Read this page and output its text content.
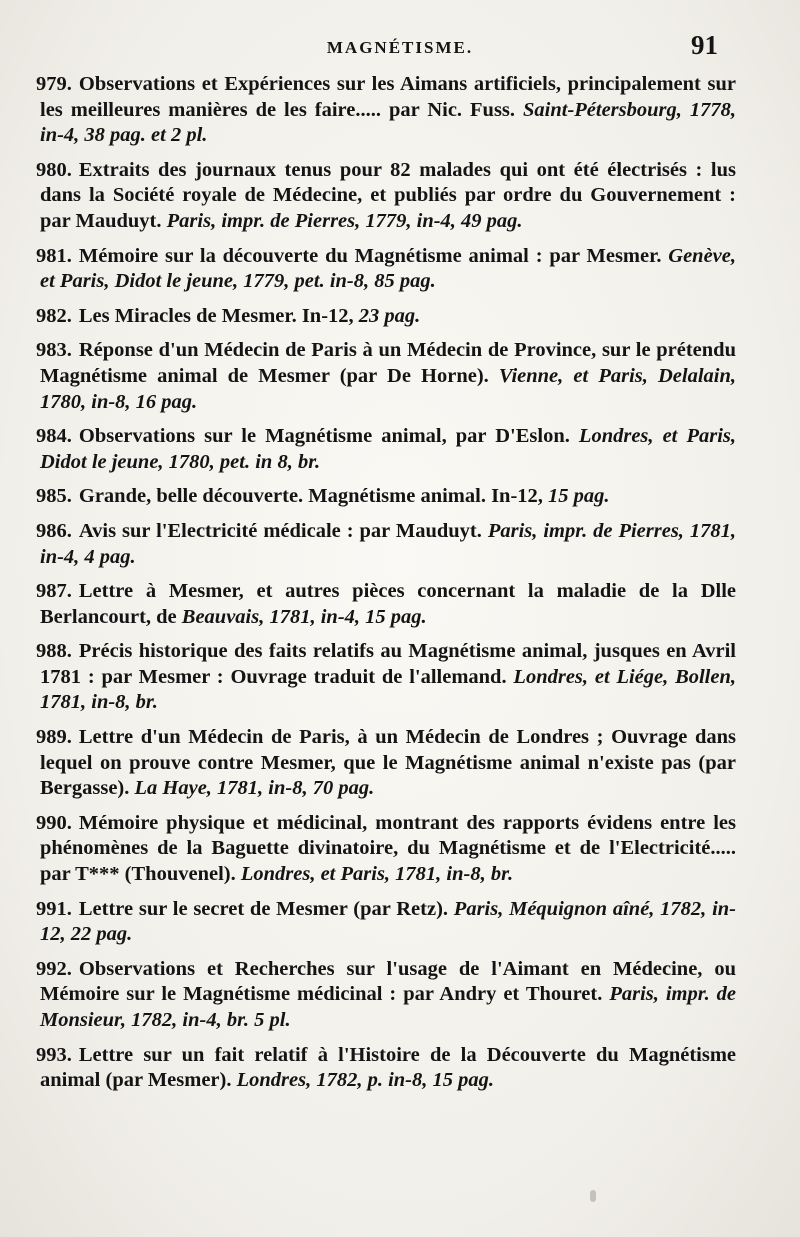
MAGNÉTISME.	91

979. Observations et Expériences sur les Aimans artificiels, principalement sur les meilleures manières de les faire..... par Nic. Fuss. Saint-Pétersbourg, 1778, in-4, 38 pag. et 2 pl.

980. Extraits des journaux tenus pour 82 malades qui ont été électrisés : lus dans la Société royale de Médecine, et publiés par ordre du Gouvernement : par Mauduyt. Paris, impr. de Pierres, 1779, in-4, 49 pag.

981. Mémoire sur la découverte du Magnétisme animal : par Mesmer. Genève, et Paris, Didot le jeune, 1779, pet. in-8, 85 pag.

982. Les Miracles de Mesmer. In-12, 23 pag.

983. Réponse d'un Médecin de Paris à un Médecin de Province, sur le prétendu Magnétisme animal de Mesmer (par De Horne). Vienne, et Paris, Delalain, 1780, in-8, 16 pag.

984. Observations sur le Magnétisme animal, par D'Eslon. Londres, et Paris, Didot le jeune, 1780, pet. in 8, br.

985. Grande, belle découverte. Magnétisme animal. In-12, 15 pag.

986. Avis sur l'Electricité médicale : par Mauduyt. Paris, impr. de Pierres, 1781, in-4, 4 pag.

987. Lettre à Mesmer, et autres pièces concernant la maladie de la Dlle Berlancourt, de Beauvais, 1781, in-4, 15 pag.

988. Précis historique des faits relatifs au Magnétisme animal, jusques en Avril 1781 : par Mesmer : Ouvrage traduit de l'allemand. Londres, et Liége, Bollen, 1781, in-8, br.

989. Lettre d'un Médecin de Paris, à un Médecin de Londres ; Ouvrage dans lequel on prouve contre Mesmer, que le Magnétisme animal n'existe pas (par Bergasse). La Haye, 1781, in-8, 70 pag.

990. Mémoire physique et médicinal, montrant des rapports évidens entre les phénomènes de la Baguette divinatoire, du Magnétisme et de l'Electricité..... par T*** (Thouvenel). Londres, et Paris, 1781, in-8, br.

991. Lettre sur le secret de Mesmer (par Retz). Paris, Méquignon aîné, 1782, in-12, 22 pag.

992. Observations et Recherches sur l'usage de l'Aimant en Médecine, ou Mémoire sur le Magnétisme médicinal : par Andry et Thouret. Paris, impr. de Monsieur, 1782, in-4, br. 5 pl.

993. Lettre sur un fait relatif à l'Histoire de la Découverte du Magnétisme animal (par Mesmer). Londres, 1782, p. in-8, 15 pag.
